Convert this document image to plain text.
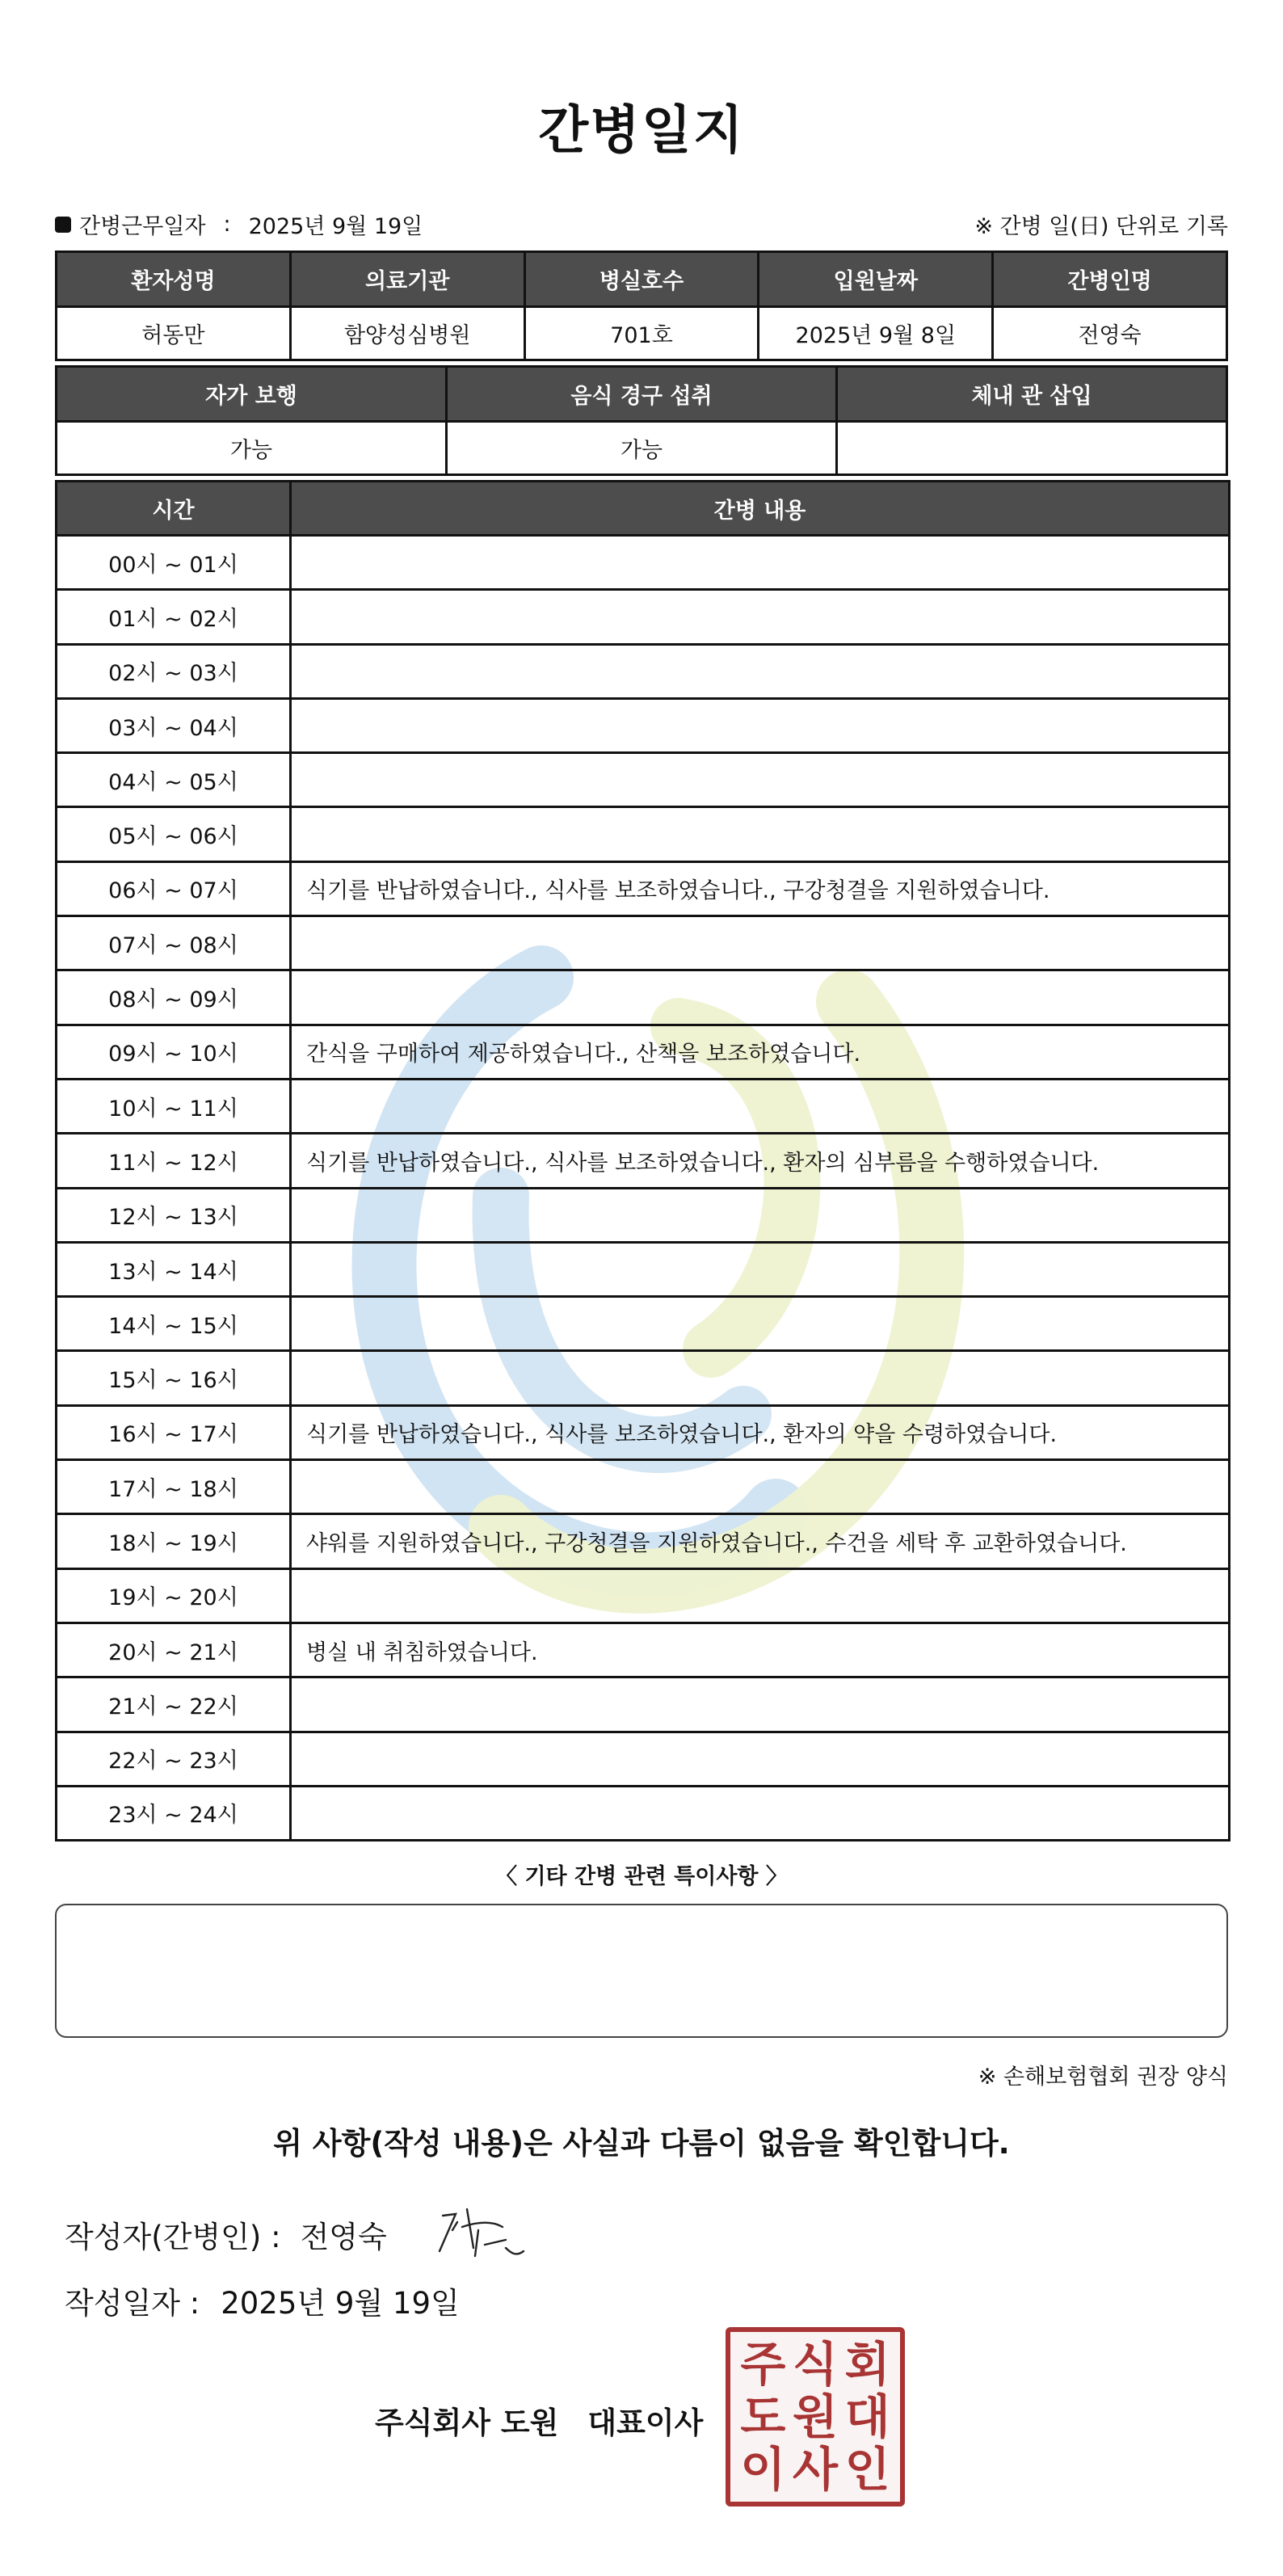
간병일지
간병근무일자 : 2025년 9월 19일	※ 간병 일(日) 단위로 기록
환자성명	의료기관	병실호수	입원날짜	간병인명
허동만	함양성심병원	701호	2025년 9월 8일	전영숙
자가 보행	음식 경구 섭취	체내 관 삽입
가능	가능	
시간	간병 내용
00시 ~ 01시	
01시 ~ 02시	
02시 ~ 03시	
03시 ~ 04시	
04시 ~ 05시	
05시 ~ 06시	
06시 ~ 07시	식기를 반납하였습니다., 식사를 보조하였습니다., 구강청결을 지원하였습니다.
07시 ~ 08시	
08시 ~ 09시	
09시 ~ 10시	간식을 구매하여 제공하였습니다., 산책을 보조하였습니다.
10시 ~ 11시	
11시 ~ 12시	식기를 반납하였습니다., 식사를 보조하였습니다., 환자의 심부름을 수행하였습니다.
12시 ~ 13시	
13시 ~ 14시	
14시 ~ 15시	
15시 ~ 16시	
16시 ~ 17시	식기를 반납하였습니다., 식사를 보조하였습니다., 환자의 약을 수령하였습니다.
17시 ~ 18시	
18시 ~ 19시	샤워를 지원하였습니다., 구강청결을 지원하였습니다., 수건을 세탁 후 교환하였습니다.
19시 ~ 20시	
20시 ~ 21시	병실 내 취침하였습니다.
21시 ~ 22시	
22시 ~ 23시	
23시 ~ 24시	
〈 기타 간병 관련 특이사항 〉
※ 손해보험협회 권장 양식
위 사항(작성 내용)은 사실과 다름이 없음을 확인합니다.
작성자(간병인) : 전영숙
작성일자 : 2025년 9월 19일
주식회사 도원 대표이사
주 식 회
도 원 대
이 사 인
